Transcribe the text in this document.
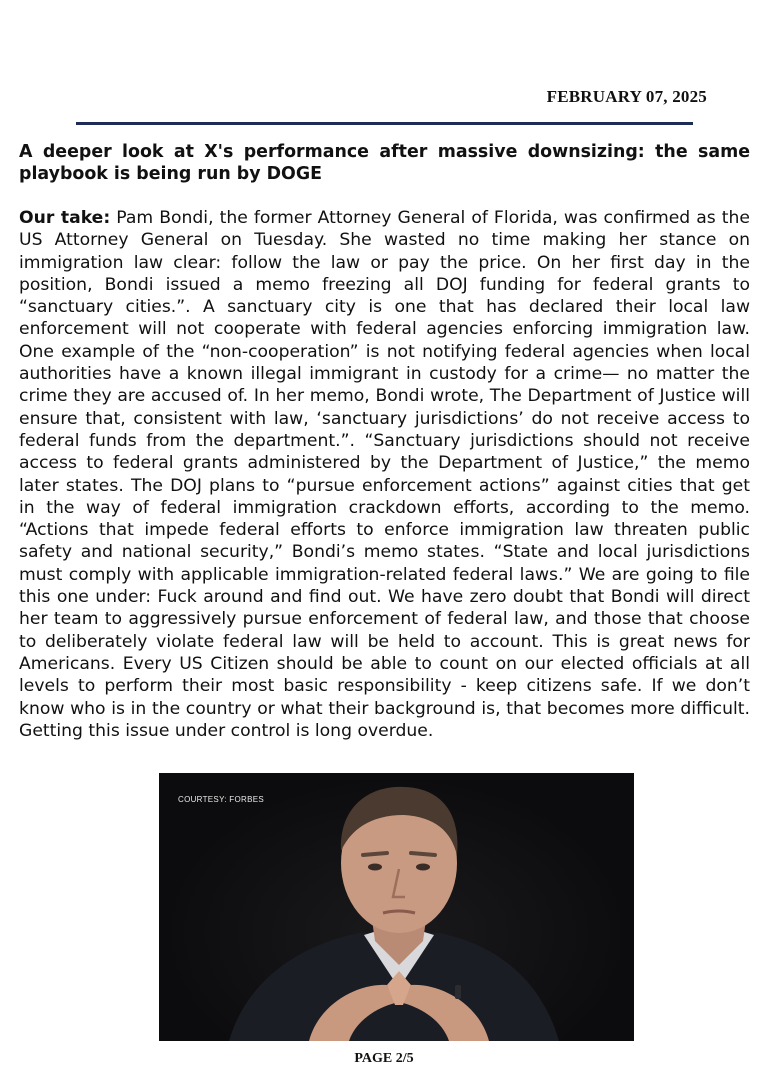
FEBRUARY 07, 2025
A deeper look at X's performance after massive downsizing: the same playbook is being run by DOGE

Our take: Pam Bondi, the former Attorney General of Florida, was confirmed as the US Attorney General on Tuesday. She wasted no time making her stance on immigration law clear: follow the law or pay the price. On her first day in the position, Bondi issued a memo freezing all DOJ funding for federal grants to “sanctuary cities.”. A sanctuary city is one that has declared their local law enforcement will not cooperate with federal agencies enforcing immigration law. One example of the “non-cooperation” is not notifying federal agencies when local authorities have a known illegal immigrant in custody for a crime— no matter the crime they are accused of. In her memo, Bondi wrote, The Department of Justice will ensure that, consistent with law, ‘sanctuary jurisdictions’ do not receive access to federal funds from the department.”. “Sanctuary jurisdictions should not receive access to federal grants administered by the Department of Justice,” the memo later states. The DOJ plans to “pursue enforcement actions” against cities that get in the way of federal immigration crackdown efforts, according to the memo. “Actions that impede federal efforts to enforce immigration law threaten public safety and national security,” Bondi’s memo states. “State and local jurisdictions must comply with applicable immigration-related federal laws.” We are going to file this one under: Fuck around and find out. We have zero doubt that Bondi will direct her team to aggressively pursue enforcement of federal law, and those that choose to deliberately violate federal law will be held to account. This is great news for Americans. Every US Citizen should be able to count on our elected officials at all levels to perform their most basic responsibility - keep citizens safe. If we don’t know who is in the country or what their background is, that becomes more difficult. Getting this issue under control is long overdue.

COURTESY: FORBES
PAGE 2/5
